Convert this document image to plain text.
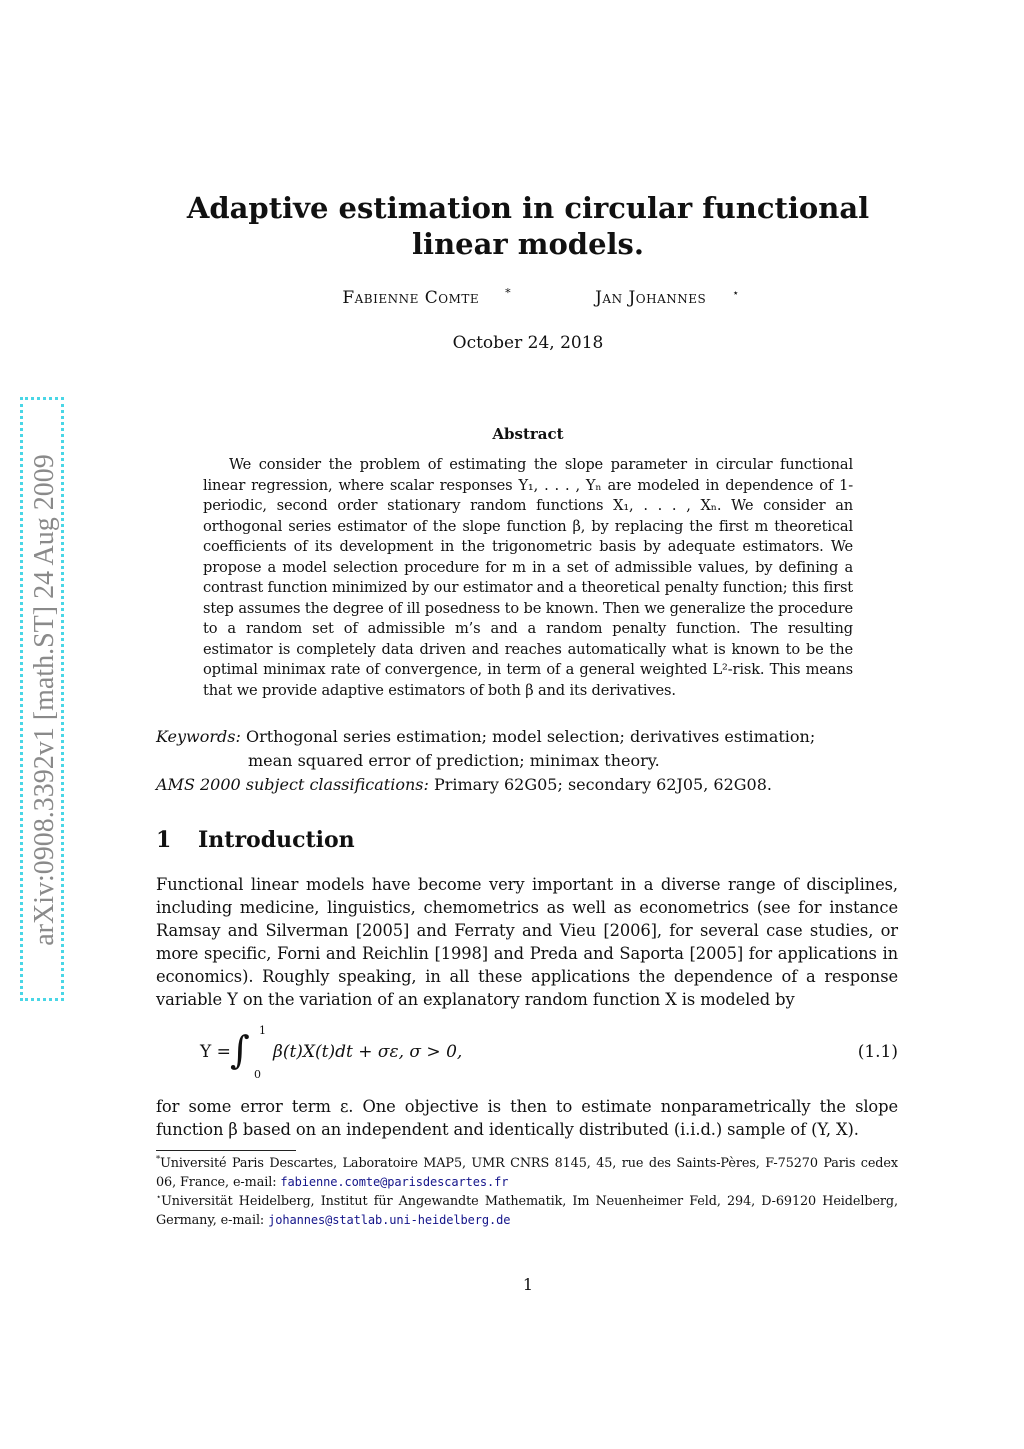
arXiv:0908.3392v1 [math.ST] 24 Aug 2009
Adaptive estimation in circular functional linear models.
Fabienne Comte *	Jan Johannes ⋆
October 24, 2018
Abstract
We consider the problem of estimating the slope parameter in circular functional linear regression, where scalar responses Y₁, . . . , Yₙ are modeled in dependence of 1-periodic, second order stationary random functions X₁, . . . , Xₙ. We consider an orthogonal series estimator of the slope function β, by replacing the first m theoretical coefficients of its development in the trigonometric basis by adequate estimators. We propose a model selection procedure for m in a set of admissible values, by defining a contrast function minimized by our estimator and a theoretical penalty function; this first step assumes the degree of ill posedness to be known. Then we generalize the procedure to a random set of admissible m’s and a random penalty function. The resulting estimator is completely data driven and reaches automatically what is known to be the optimal minimax rate of convergence, in term of a general weighted L²-risk. This means that we provide adaptive estimators of both β and its derivatives.
Keywords: Orthogonal series estimation; model selection; derivatives estimation;
mean squared error of prediction; minimax theory.
AMS 2000 subject classifications: Primary 62G05; secondary 62J05, 62G08.
1 Introduction
Functional linear models have become very important in a diverse range of disciplines, including medicine, linguistics, chemometrics as well as econometrics (see for instance Ramsay and Silverman [2005] and Ferraty and Vieu [2006], for several case studies, or more specific, Forni and Reichlin [1998] and Preda and Saporta [2005] for applications in economics). Roughly speaking, in all these applications the dependence of a response variable Y on the variation of an explanatory random function X is modeled by
Y = ∫ 1
0
β(t)X(t)dt + σε, σ > 0,	(1.1)
for some error term ε. One objective is then to estimate nonparametrically the slope function β based on an independent and identically distributed (i.i.d.) sample of (Y, X).
*Université Paris Descartes, Laboratoire MAP5, UMR CNRS 8145, 45, rue des Saints-Pères, F-75270 Paris cedex 06, France, e-mail: fabienne.comte@parisdescartes.fr
⋆Universität Heidelberg, Institut für Angewandte Mathematik, Im Neuenheimer Feld, 294, D-69120 Heidelberg, Germany, e-mail: johannes@statlab.uni-heidelberg.de
1
